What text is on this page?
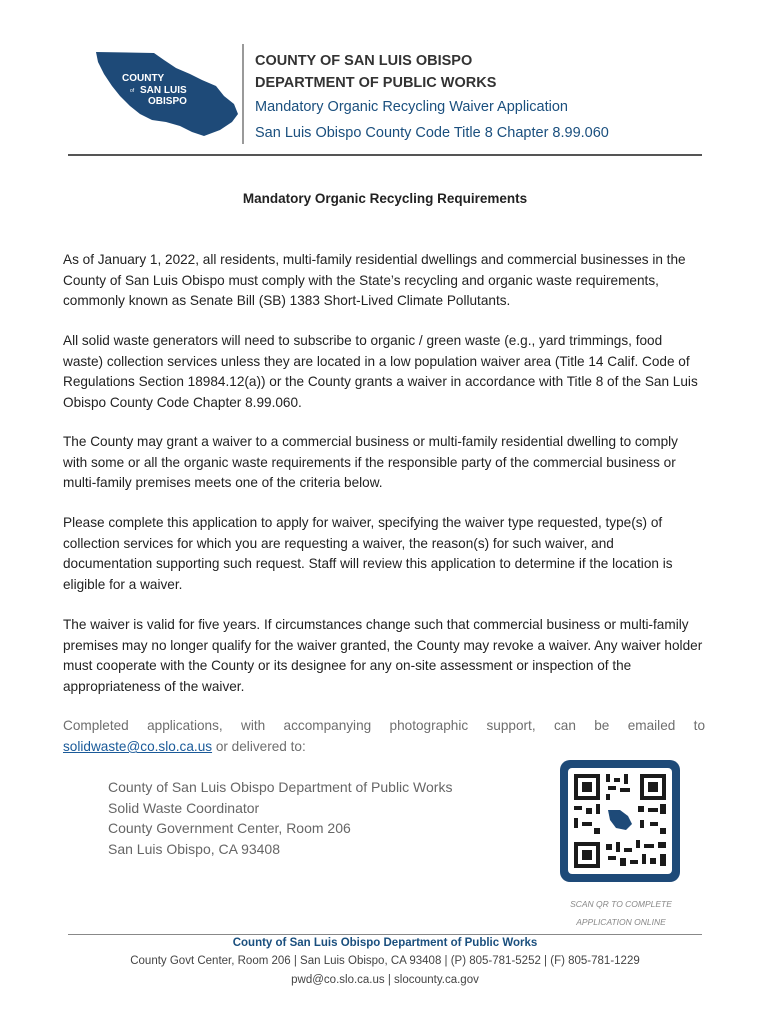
COUNTY
of SAN LUIS
OBISPO
COUNTY OF SAN LUIS OBISPO
DEPARTMENT OF PUBLIC WORKS
Mandatory Organic Recycling Waiver Application
San Luis Obispo County Code Title 8 Chapter 8.99.060
Mandatory Organic Recycling Requirements
As of January 1, 2022, all residents, multi-family residential dwellings and commercial businesses in the County of San Luis Obispo must comply with the State’s recycling and organic waste requirements, commonly known as Senate Bill (SB) 1383 Short-Lived Climate Pollutants.
All solid waste generators will need to subscribe to organic / green waste (e.g., yard trimmings, food waste) collection services unless they are located in a low population waiver area (Title 14 Calif. Code of Regulations Section 18984.12(a)) or the County grants a waiver in accordance with Title 8 of the San Luis Obispo County Code Chapter 8.99.060.
The County may grant a waiver to a commercial business or multi-family residential dwelling to comply with some or all the organic waste requirements if the responsible party of the commercial business or multi-family premises meets one of the criteria below.
Please complete this application to apply for waiver, specifying the waiver type requested, type(s) of collection services for which you are requesting a waiver, the reason(s) for such waiver, and documentation supporting such request. Staff will review this application to determine if the location is eligible for a waiver.
The waiver is valid for five years. If circumstances change such that commercial business or multi-family premises may no longer qualify for the waiver granted, the County may revoke a waiver. Any waiver holder must cooperate with the County or its designee for any on-site assessment or inspection of the appropriateness of the waiver.
Completed applications, with accompanying photographic support, can be emailed to
solidwaste@co.slo.ca.us or delivered to:
County of San Luis Obispo Department of Public Works
Solid Waste Coordinator
County Government Center, Room 206
San Luis Obispo, CA 93408
SCAN QR TO COMPLETE
APPLICATION ONLINE
County of San Luis Obispo Department of Public Works
County Govt Center, Room 206 | San Luis Obispo, CA 93408 | (P) 805-781-5252 | (F) 805-781-1229
pwd@co.slo.ca.us | slocounty.ca.gov
